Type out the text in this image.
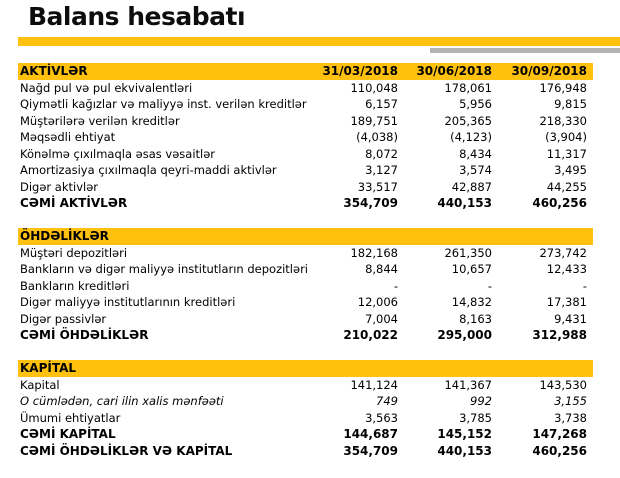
Balans hesabatı
AKTİVLƏR	31/03/2018	30/06/2018	30/09/2018
Nağd pul və pul ekvivalentləri	110,048	178,061	176,948
Qiymətli kağızlar və maliyyə inst. verilən kreditlər	6,157	5,956	9,815
Müştərilərə verilən kreditlər	189,751	205,365	218,330
Məqsədli ehtiyat	(4,038)	(4,123)	(3,904)
Könəlmə çıxılmaqla əsas vəsaitlər	8,072	8,434	11,317
Amortizasiya çıxılmaqla qeyri-maddi aktivlər	3,127	3,574	3,495
Digər aktivlər	33,517	42,887	44,255
CƏMİ AKTİVLƏR	354,709	440,153	460,256
ÖHDƏLİKLƏR
Müştəri depozitləri	182,168	261,350	273,742
Bankların və digər maliyyə institutların depozitləri	8,844	10,657	12,433
Bankların kreditləri	-	-	-
Digər maliyyə institutlarının kreditləri	12,006	14,832	17,381
Digər passivlər	7,004	8,163	9,431
CƏMİ ÖHDƏLİKLƏR	210,022	295,000	312,988
KAPİTAL
Kapital	141,124	141,367	143,530
O cümlədən, cari ilin xalis mənfəəti	749	992	3,155
Ümumi ehtiyatlar	3,563	3,785	3,738
CƏMİ KAPİTAL	144,687	145,152	147,268
CƏMİ ÖHDƏLİKLƏR VƏ KAPİTAL	354,709	440,153	460,256
